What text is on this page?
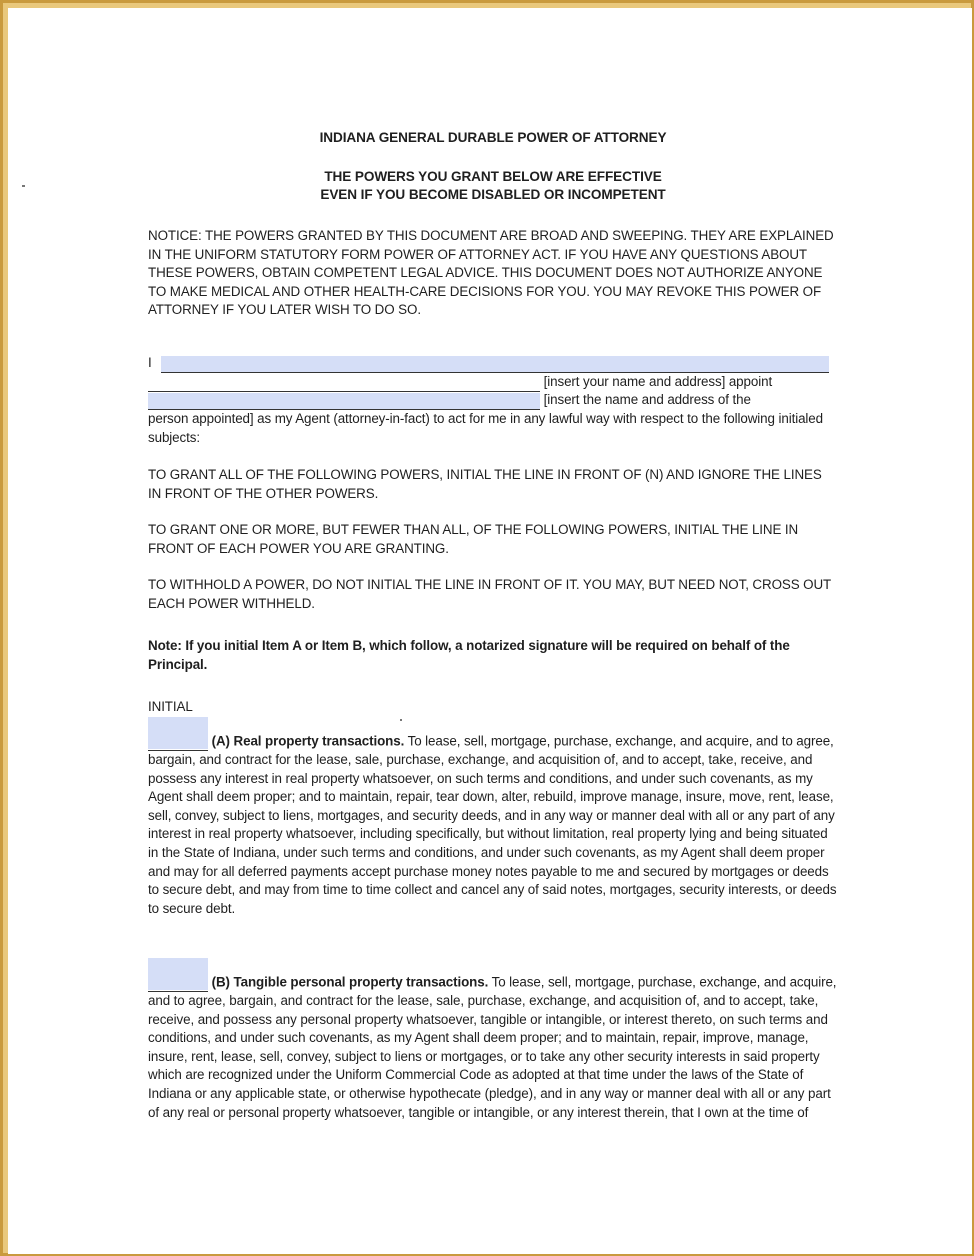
INDIANA GENERAL DURABLE POWER OF ATTORNEY
THE POWERS YOU GRANT BELOW ARE EFFECTIVE
EVEN IF YOU BECOME DISABLED OR INCOMPETENT
NOTICE: THE POWERS GRANTED BY THIS DOCUMENT ARE BROAD AND SWEEPING. THEY ARE EXPLAINED IN THE UNIFORM STATUTORY FORM POWER OF ATTORNEY ACT. IF YOU HAVE ANY QUESTIONS ABOUT THESE POWERS, OBTAIN COMPETENT LEGAL ADVICE. THIS DOCUMENT DOES NOT AUTHORIZE ANYONE TO MAKE MEDICAL AND OTHER HEALTH-CARE DECISIONS FOR YOU. YOU MAY REVOKE THIS POWER OF ATTORNEY IF YOU LATER WISH TO DO SO.
I
[insert your name and address] appoint
[insert the name and address of the
person appointed] as my Agent (attorney-in-fact) to act for me in any lawful way with respect to the following initialed subjects:
TO GRANT ALL OF THE FOLLOWING POWERS, INITIAL THE LINE IN FRONT OF (N) AND IGNORE THE LINES IN FRONT OF THE OTHER POWERS.
TO GRANT ONE OR MORE, BUT FEWER THAN ALL, OF THE FOLLOWING POWERS, INITIAL THE LINE IN FRONT OF EACH POWER YOU ARE GRANTING.
TO WITHHOLD A POWER, DO NOT INITIAL THE LINE IN FRONT OF IT. YOU MAY, BUT NEED NOT, CROSS OUT EACH POWER WITHHELD.
Note: If you initial Item A or Item B, which follow, a notarized signature will be required on behalf of the Principal.
INITIAL
(A) Real property transactions. To lease, sell, mortgage, purchase, exchange, and acquire, and to agree, bargain, and contract for the lease, sale, purchase, exchange, and acquisition of, and to accept, take, receive, and possess any interest in real property whatsoever, on such terms and conditions, and under such covenants, as my Agent shall deem proper; and to maintain, repair, tear down, alter, rebuild, improve manage, insure, move, rent, lease, sell, convey, subject to liens, mortgages, and security deeds, and in any way or manner deal with all or any part of any interest in real property whatsoever, including specifically, but without limitation, real property lying and being situated in the State of Indiana, under such terms and conditions, and under such covenants, as my Agent shall deem proper and may for all deferred payments accept purchase money notes payable to me and secured by mortgages or deeds to secure debt, and may from time to time collect and cancel any of said notes, mortgages, security interests, or deeds to secure debt.
(B) Tangible personal property transactions. To lease, sell, mortgage, purchase, exchange, and acquire, and to agree, bargain, and contract for the lease, sale, purchase, exchange, and acquisition of, and to accept, take, receive, and possess any personal property whatsoever, tangible or intangible, or interest thereto, on such terms and conditions, and under such covenants, as my Agent shall deem proper; and to maintain, repair, improve, manage, insure, rent, lease, sell, convey, subject to liens or mortgages, or to take any other security interests in said property which are recognized under the Uniform Commercial Code as adopted at that time under the laws of the State of Indiana or any applicable state, or otherwise hypothecate (pledge), and in any way or manner deal with all or any part of any real or personal property whatsoever, tangible or intangible, or any interest therein, that I own at the time of
